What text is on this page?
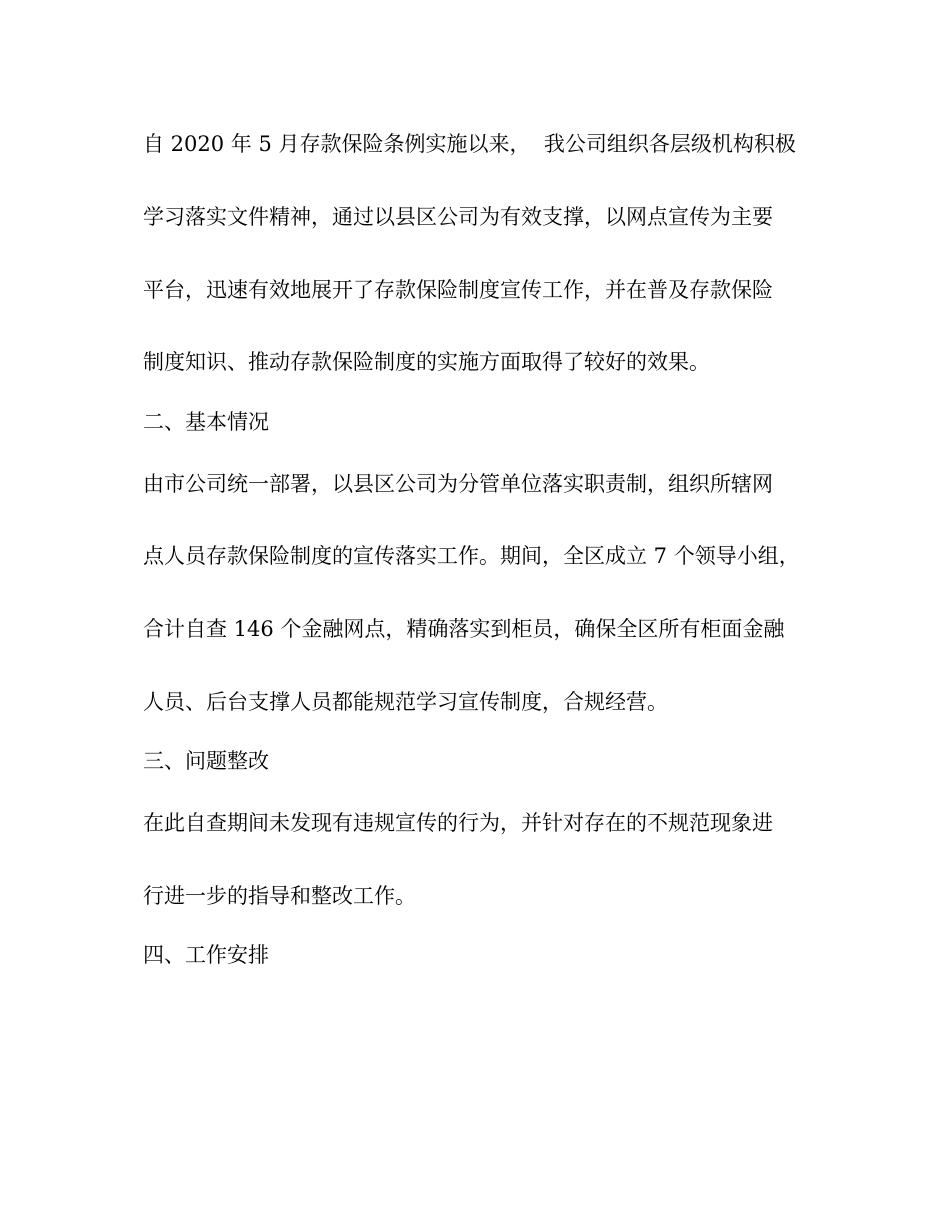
自 2020 年 5 月存款保险条例实施以来，  我公司组织各层级机构积极

学习落实文件精神，通过以县区公司为有效支撑，以网点宣传为主要

平台，迅速有效地展开了存款保险制度宣传工作，并在普及存款保险

制度知识、推动存款保险制度的实施方面取得了较好的效果。

二、基本情况

由市公司统一部署，以县区公司为分管单位落实职责制，组织所辖网

点人员存款保险制度的宣传落实工作。期间，全区成立 7 个领导小组，

合计自查 146 个金融网点，精确落实到柜员，确保全区所有柜面金融

人员、后台支撑人员都能规范学习宣传制度，合规经营。

三、问题整改

在此自查期间未发现有违规宣传的行为，并针对存在的不规范现象进

行进一步的指导和整改工作。

四、工作安排
